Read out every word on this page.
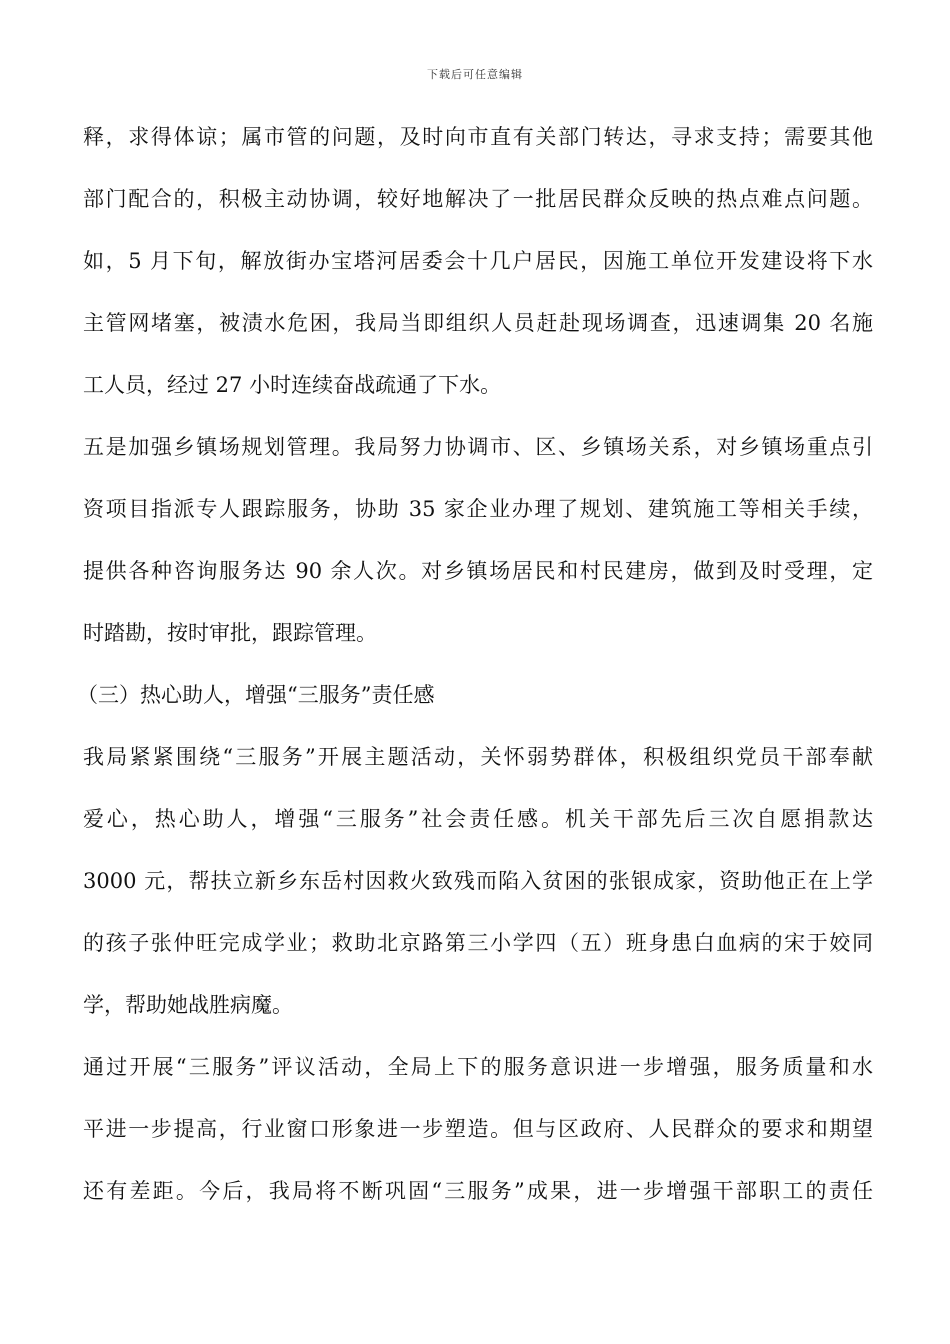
下载后可任意编辑
释，求得体谅；属市管的问题，及时向市直有关部门转达，寻求支持；需要其他
部门配合的，积极主动协调，较好地解决了一批居民群众反映的热点难点问题。
如，5 月下旬，解放街办宝塔河居委会十几户居民，因施工单位开发建设将下水
主管网堵塞，被渍水危困，我局当即组织人员赶赴现场调查，迅速调集 20 名施
工人员，经过 27 小时连续奋战疏通了下水。
五是加强乡镇场规划管理。我局努力协调市、区、乡镇场关系，对乡镇场重点引
资项目指派专人跟踪服务，协助 35 家企业办理了规划、建筑施工等相关手续，
提供各种咨询服务达 90 余人次。对乡镇场居民和村民建房，做到及时受理，定
时踏勘，按时审批，跟踪管理。
（三）热心助人，增强“三服务”责任感
我局紧紧围绕“三服务”开展主题活动，关怀弱势群体，积极组织党员干部奉献
爱心，热心助人，增强“三服务”社会责任感。机关干部先后三次自愿捐款达
3000 元，帮扶立新乡东岳村因救火致残而陷入贫困的张银成家，资助他正在上学
的孩子张仲旺完成学业；救助北京路第三小学四（五）班身患白血病的宋于姣同
学，帮助她战胜病魔。
通过开展“三服务”评议活动，全局上下的服务意识进一步增强，服务质量和水
平进一步提高，行业窗口形象进一步塑造。但与区政府、人民群众的要求和期望
还有差距。今后，我局将不断巩固“三服务”成果，进一步增强干部职工的责任
